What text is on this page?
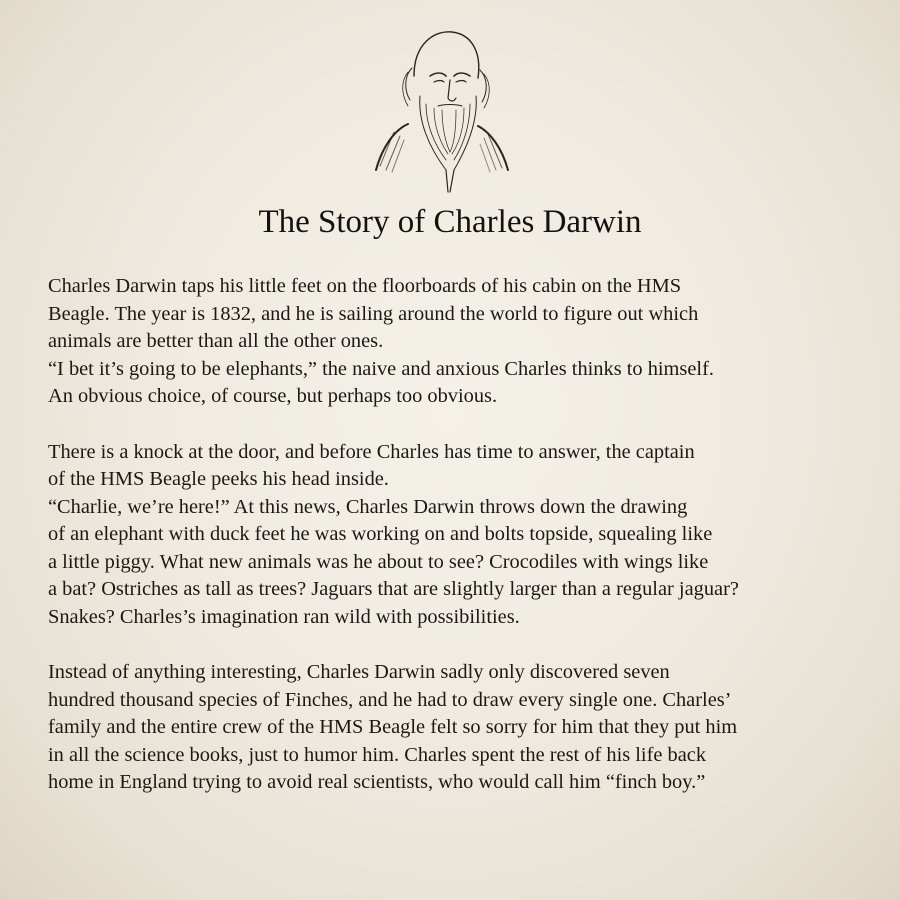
The Story of Charles Darwin
Charles Darwin taps his little feet on the floorboards of his cabin on the HMS
Beagle. The year is 1832, and he is sailing around the world to figure out which
animals are better than all the other ones.
“I bet it’s going to be elephants,” the naive and anxious Charles thinks to himself.
An obvious choice, of course, but perhaps too obvious.
There is a knock at the door, and before Charles has time to answer, the captain
of the HMS Beagle peeks his head inside.
“Charlie, we’re here!” At this news, Charles Darwin throws down the drawing
of an elephant with duck feet he was working on and bolts topside, squealing like
a little piggy. What new animals was he about to see? Crocodiles with wings like
a bat? Ostriches as tall as trees? Jaguars that are slightly larger than a regular jaguar?
Snakes? Charles’s imagination ran wild with possibilities.
Instead of anything interesting, Charles Darwin sadly only discovered seven
hundred thousand species of Finches, and he had to draw every single one. Charles’
family and the entire crew of the HMS Beagle felt so sorry for him that they put him
in all the science books, just to humor him. Charles spent the rest of his life back
home in England trying to avoid real scientists, who would call him “finch boy.”
